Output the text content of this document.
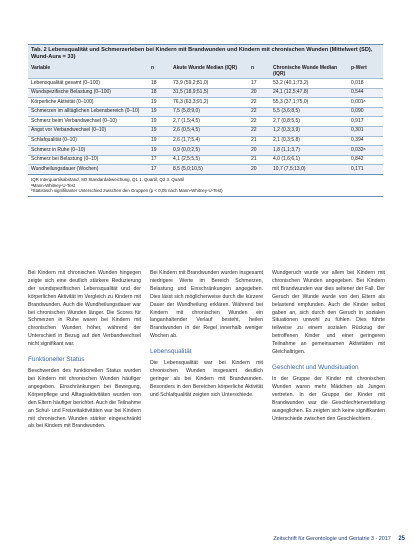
Tab. 2 Lebensqualität und Schmerzerleben bei Kindern mit Brandwunden und Kindern mit chronischen Wunden (Mittelwert (SD), Wund-Aura = 33)
Variable	n	Akute Wunde Median (IQR)	n	Chronische Wunde Median (IQR)	p-Wert
Lebensqualität gesamt (0–100)	18	73,9 (59,2;81,0)	17	53,2 (40,1;73,2)	0,018
Wundspezifische Belastung (0–100)	18	31,5 (18,9;51,5)	20	24,1 (12,5;47,8)	0,544
Körperliche Aktivität (0–100)	19	76,3 (63,3;91,2)	22	55,3 (37,1;75,0)	0,001ᵃ
Schmerzen im alltäglichen Lebensbereich (0–10)	19	7,5 (5,8;9,0)	22	5,5 (3,6;8,5)	0,090
Schmerz beim Verbandwechsel (0–10)	19	2,7 (1,5;4,5)	22	2,7 (0,8;5,5)	0,917
Angst vor Verbandwechsel (0–10)	19	2,6 (0,5;4,5)	22	1,2 (0,3;3,9)	0,301
Schlafqualität (0–10)	19	2,6 (1,7;5,4)	21	2,1 (0,3;5,8)	0,394
Schmerz in Ruhe (0–10)	19	0,9 (0,0;2,5)	20	1,8 (1,1;3,7)	0,032ᵃ
Schmerz bei Belastung (0–10)	17	4,1 (2,5;5,5)	21	4,0 (1,6;6,1)	0,842
Wundheilungsdauer (Wochen)	17	8,5 (5,0;10,5)	20	10,7 (7,5;13,0)	0,171
IQR Interquartilsabstand, SD Standardabweichung, Q1 1. Quartil, Q3 3. Quartil
ᵃMann-Whitney-U-Test
ᵇStatistisch signifikanter Unterschied zwischen den Gruppen (p < 0,05 nach Mann-Whitney-U-Test)

Bei Kindern mit chronischen Wunden hingegen zeigte sich eine deutlich stärkere Reduzierung der wundspezifischen Lebensqualität und der körperlichen Aktivität im Vergleich zu Kindern mit Brandwunden. Auch die Wundheilungsdauer war bei chronischen Wunden länger. Die Scores für Schmerzen in Ruhe waren bei Kindern mit chronischen Wunden höher, während der Unterschied in Bezug auf den Verbandwechsel nicht signifikant war.

Funktioneller Status

Beschwerden des funktionellen Status wurden bei Kindern mit chronischen Wunden häufiger angegeben. Einschränkungen bei Bewegung, Körperpflege und Alltagsaktivitäten wurden von den Eltern häufiger berichtet. Auch die Teilnahme an Schul- und Freizeitaktivitäten war bei Kindern mit chronischen Wunden stärker eingeschränkt als bei Kindern mit Brandwunden.

Bei Kindern mit Brandwunden wurden insgesamt niedrigere Werte im Bereich Schmerzen, Belastung und Einschränkungen angegeben. Dies lässt sich möglicherweise durch die kürzere Dauer der Wundheilung erklären. Während bei Kindern mit chronischen Wunden ein langanhaltender Verlauf besteht, heilen Brandwunden in der Regel innerhalb weniger Wochen ab.

Lebensqualität

Die Lebensqualität war bei Kindern mit chronischen Wunden insgesamt deutlich geringer als bei Kindern mit Brandwunden. Besonders in den Bereichen körperliche Aktivität und Schlafqualität zeigten sich Unterschiede.

Wundgeruch wurde vor allem bei Kindern mit chronischen Wunden angegeben. Bei Kindern mit Brandwunden war dies seltener der Fall. Der Geruch der Wunde wurde von den Eltern als belastend empfunden. Auch die Kinder selbst gaben an, sich durch den Geruch in sozialen Situationen unwohl zu fühlen. Dies führte teilweise zu einem sozialen Rückzug der betroffenen Kinder und einer geringeren Teilnahme an gemeinsamen Aktivitäten mit Gleichaltrigen.

Geschlecht und Wundsituation

In der Gruppe der Kinder mit chronischen Wunden waren mehr Mädchen als Jungen vertreten. In der Gruppe der Kinder mit Brandwunden war die Geschlechterverteilung ausgeglichen. Es zeigten sich keine signifikanten Unterschiede zwischen den Geschlechtern.

Zeitschrift für Gerontologie und Geriatrie 3 · 2017 25
